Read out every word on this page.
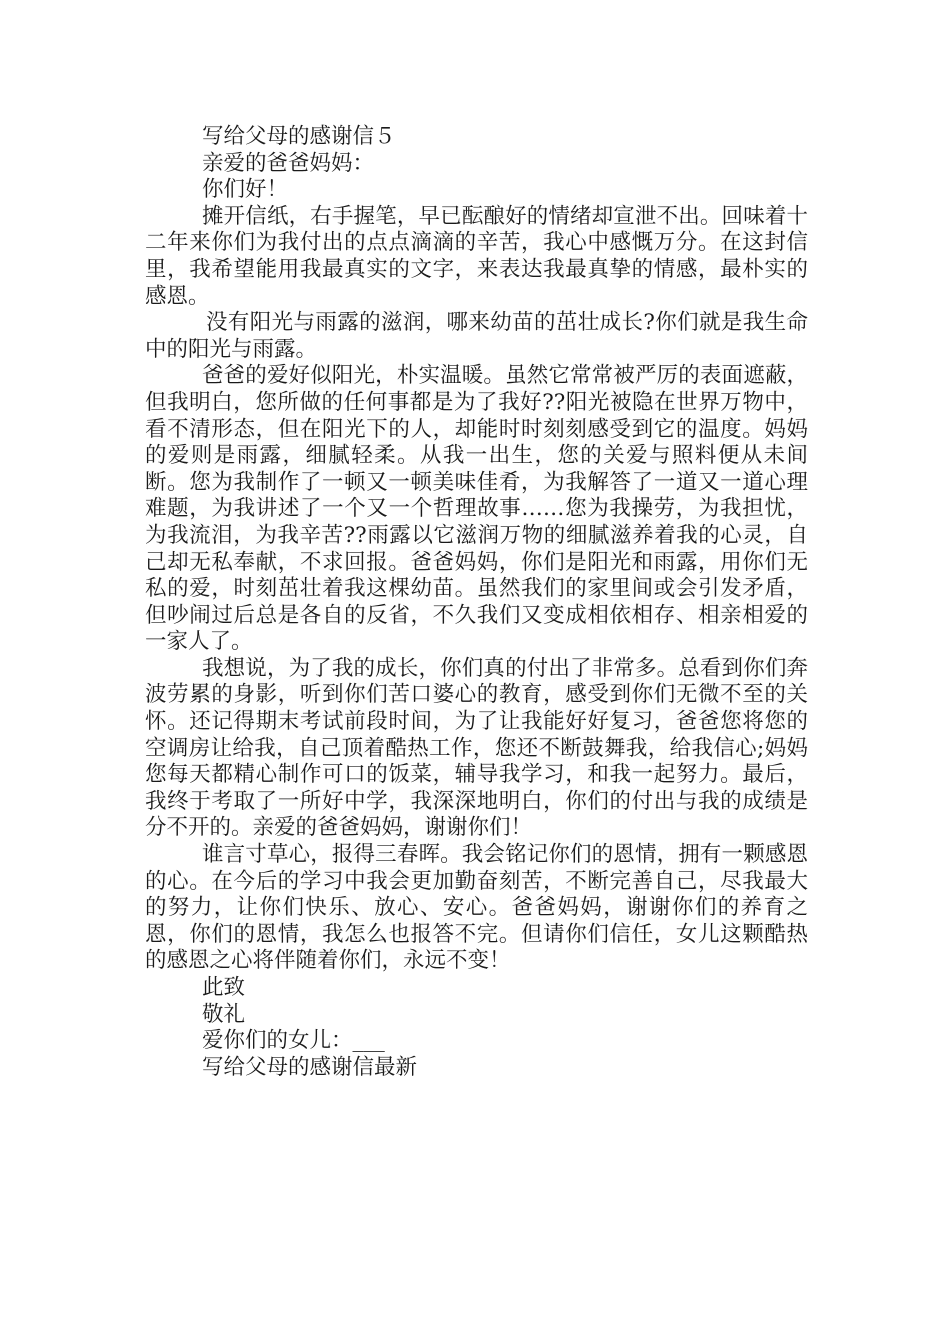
写给父母的感谢信５

亲爱的爸爸妈妈：

你们好！

摊开信纸，右手握笔，早已酝酿好的情绪却宣泄不出。回味着十二年来你们为我付出的点点滴滴的辛苦，我心中感慨万分。在这封信里，我希望能用我最真实的文字，来表达我最真挚的情感，最朴实的感恩。

没有阳光与雨露的滋润，哪来幼苗的茁壮成长?你们就是我生命中的阳光与雨露。

爸爸的爱好似阳光，朴实温暖。虽然它常常被严厉的表面遮蔽，但我明白，您所做的任何事都是为了我好??阳光被隐在世界万物中，看不清形态，但在阳光下的人，却能时时刻刻感受到它的温度。妈妈的爱则是雨露，细腻轻柔。从我一出生，您的关爱与照料便从未间断。您为我制作了一顿又一顿美味佳肴，为我解答了一道又一道心理难题，为我讲述了一个又一个哲理故事……您为我操劳，为我担忧，为我流泪，为我辛苦??雨露以它滋润万物的细腻滋养着我的心灵，自己却无私奉献，不求回报。爸爸妈妈，你们是阳光和雨露，用你们无私的爱，时刻茁壮着我这棵幼苗。虽然我们的家里间或会引发矛盾，但吵闹过后总是各自的反省，不久我们又变成相依相存、相亲相爱的一家人了。

我想说，为了我的成长，你们真的付出了非常多。总看到你们奔波劳累的身影，听到你们苦口婆心的教育，感受到你们无微不至的关怀。还记得期末考试前段时间，为了让我能好好复习，爸爸您将您的空调房让给我，自己顶着酷热工作，您还不断鼓舞我，给我信心;妈妈您每天都精心制作可口的饭菜，辅导我学习，和我一起努力。最后，我终于考取了一所好中学，我深深地明白，你们的付出与我的成绩是分不开的。亲爱的爸爸妈妈，谢谢你们！

谁言寸草心，报得三春晖。我会铭记你们的恩情，拥有一颗感恩的心。在今后的学习中我会更加勤奋刻苦，不断完善自己，尽我最大的努力，让你们快乐、放心、安心。爸爸妈妈，谢谢你们的养育之恩，你们的恩情，我怎么也报答不完。但请你们信任，女儿这颗酷热的感恩之心将伴随着你们，永远不变！

此致

敬礼

爱你们的女儿：___

写给父母的感谢信最新
